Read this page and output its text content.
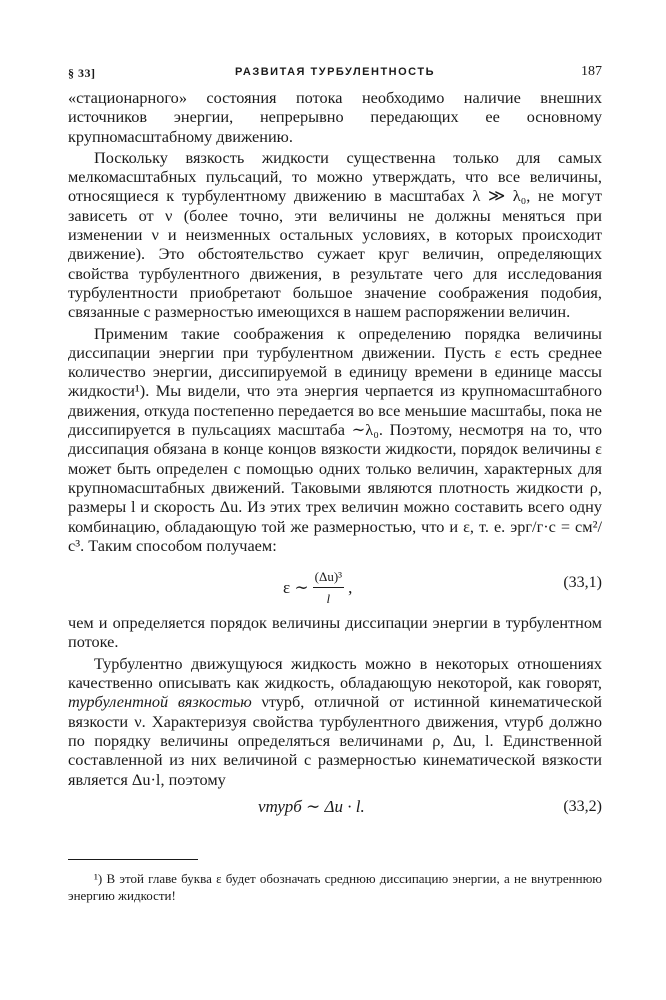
§ 33]	РАЗВИТАЯ ТУРБУЛЕНТНОСТЬ	187

«стационарного» состояния потока необходимо наличие внешних источников энергии, непрерывно передающих ее основному крупномасштабному движению.

Поскольку вязкость жидкости существенна только для самых мелкомасштабных пульсаций, то можно утверждать, что все величины, относящиеся к турбулентному движению в масштабах λ ≫ λ₀, не могут зависеть от ν (более точно, эти величины не должны меняться при изменении ν и неизменных остальных условиях, в которых происходит движение). Это обстоятельство сужает круг величин, определяющих свойства турбулентного движения, в результате чего для исследования турбулентности приобретают большое значение соображения подобия, связанные с размерностью имеющихся в нашем распоряжении величин.

Применим такие соображения к определению порядка величины диссипации энергии при турбулентном движении. Пусть ε есть среднее количество энергии, диссипируемой в единицу времени в единице массы жидкости¹). Мы видели, что эта энергия черпается из крупномасштабного движения, откуда постепенно передается во все меньшие масштабы, пока не диссипируется в пульсациях масштаба ∼λ₀. Поэтому, несмотря на то, что диссипация обязана в конце концов вязкости жидкости, порядок величины ε может быть определен с помощью одних только величин, характерных для крупномасштабных движений. Таковыми являются плотность жидкости ρ, размеры l и скорость Δu. Из этих трех величин можно составить всего одну комбинацию, обладающую той же размерностью, что и ε, т. е. эрг/г·с = см²/с³. Таким способом получаем:

ε ∼ $\frac{\text{(Δu)³}}{l}$ ,	(33,1)

чем и определяется порядок величины диссипации энергии в турбулентном потоке.

Турбулентно движущуюся жидкость можно в некоторых отношениях качественно описывать как жидкость, обладающую некоторой, как говорят, турбулентной вязкостью νтурб, отличной от истинной кинематической вязкости ν. Характеризуя свойства турбулентного движения, νтурб должно по порядку величины определяться величинами ρ, Δu, l. Единственной составленной из них величиной с размерностью кинематической вязкости является Δu·l, поэтому

νтурб ∼ Δu · l.	(33,2)

¹) В этой главе буква ε будет обозначать среднюю диссипацию энергии, а не внутреннюю энергию жидкости!
